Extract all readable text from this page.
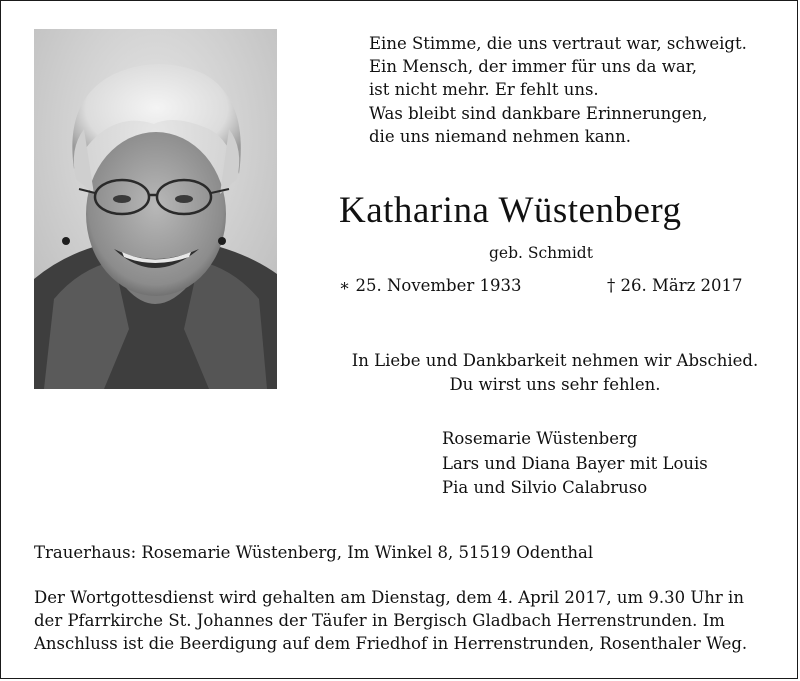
Eine Stimme, die uns vertraut war, schweigt.
Ein Mensch, der immer für uns da war,
ist nicht mehr. Er fehlt uns.
Was bleibt sind dankbare Erinnerungen,
die uns niemand nehmen kann.
Katharina Wüstenberg
geb. Schmidt
∗ 25. November 1933	† 26. März 2017
In Liebe und Dankbarkeit nehmen wir Abschied.
Du wirst uns sehr fehlen.
Rosemarie Wüstenberg
Lars und Diana Bayer mit Louis
Pia und Silvio Calabruso
Trauerhaus: Rosemarie Wüstenberg, Im Winkel 8, 51519 Odenthal
Der Wortgottesdienst wird gehalten am Dienstag, dem 4. April 2017, um 9.30 Uhr in
der Pfarrkirche St. Johannes der Täufer in Bergisch Gladbach Herrenstrunden. Im
Anschluss ist die Beerdigung auf dem Friedhof in Herrenstrunden, Rosenthaler Weg.
